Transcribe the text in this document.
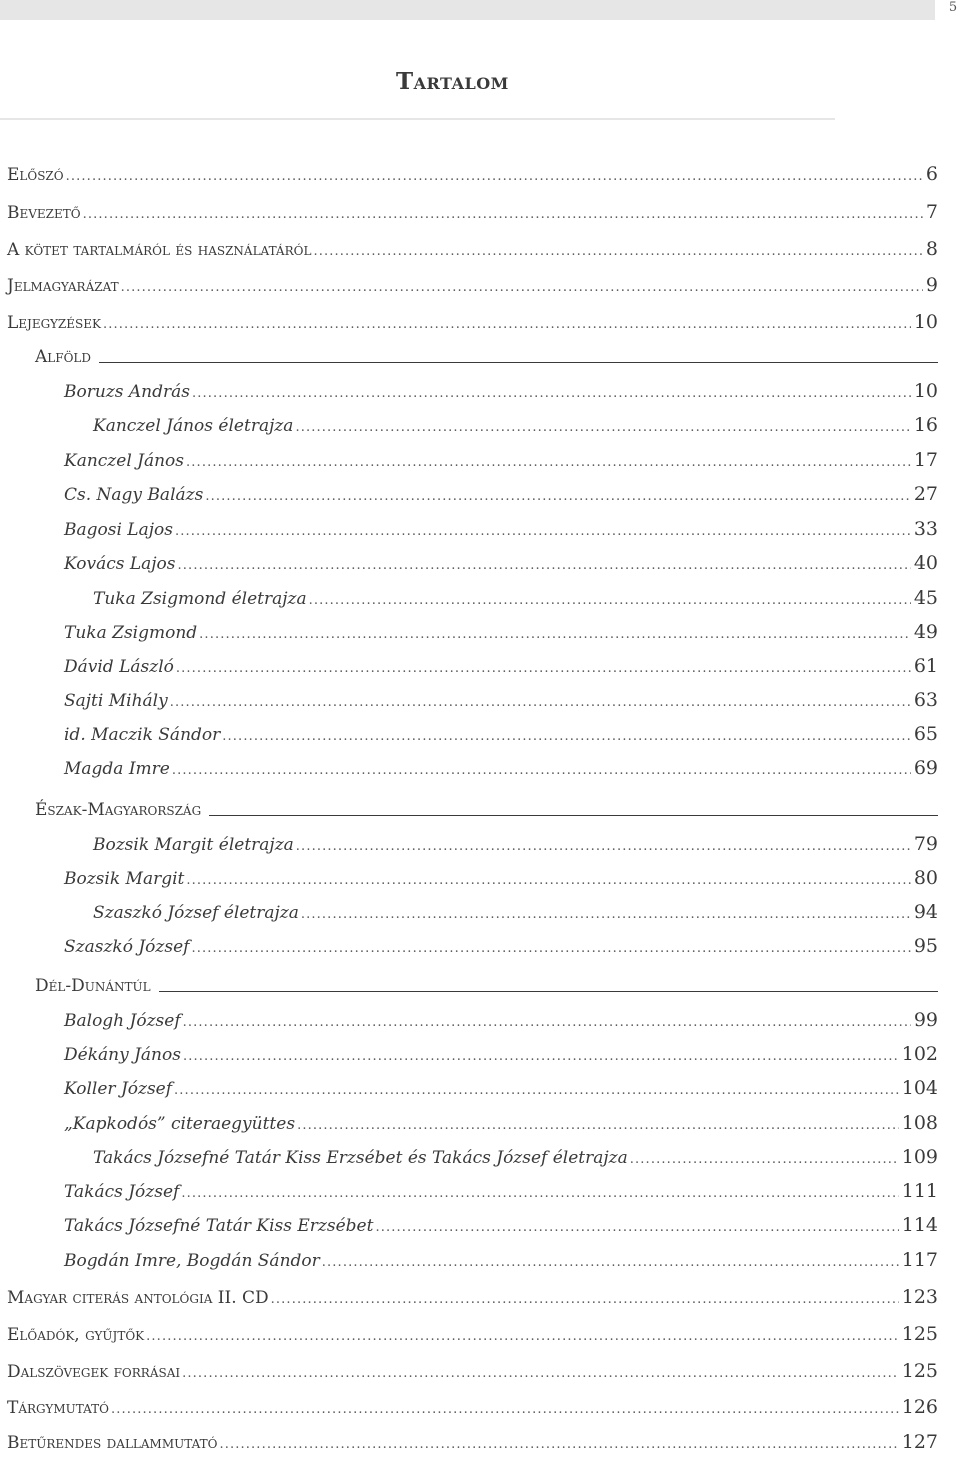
5
Tartalom
Előszó . . .	6
Bevezető . . .	7
A kötet tartalmáról és használatáról . . .	8
Jelmagyarázat . . .	9
Lejegyzések . . .	10
Alföld
Boruzs András . . .	10
Kanczel János életrajza . . .	16
Kanczel János . . .	17
Cs. Nagy Balázs . . .	27
Bagosi Lajos . . .	33
Kovács Lajos . . .	40
Tuka Zsigmond életrajza . . .	45
Tuka Zsigmond . . .	49
Dávid László . . .	61
Sajti Mihály . . .	63
id. Maczik Sándor . . .	65
Magda Imre . . .	69
Észak-Magyarország
Bozsik Margit életrajza . . .	79
Bozsik Margit . . .	80
Szaszkó József életrajza . . .	94
Szaszkó József . . .	95
Dél-Dunántúl
Balogh József . . .	99
Dékány János . . .	102
Koller József . . .	104
„Kapkodós” citeraegyüttes . . .	108
Takács Józsefné Tatár Kiss Erzsébet és Takács József életrajza . . .	109
Takács József . . .	111
Takács Józsefné Tatár Kiss Erzsébet . . .	114
Bogdán Imre, Bogdán Sándor . . .	117
Magyar citerás antológia II. CD . . .	123
Előadók, gyűjtők . . .	125
Dalszövegek forrásai . . .	125
Tárgymutató . . .	126
Betűrendes dallammutató . . .	127
